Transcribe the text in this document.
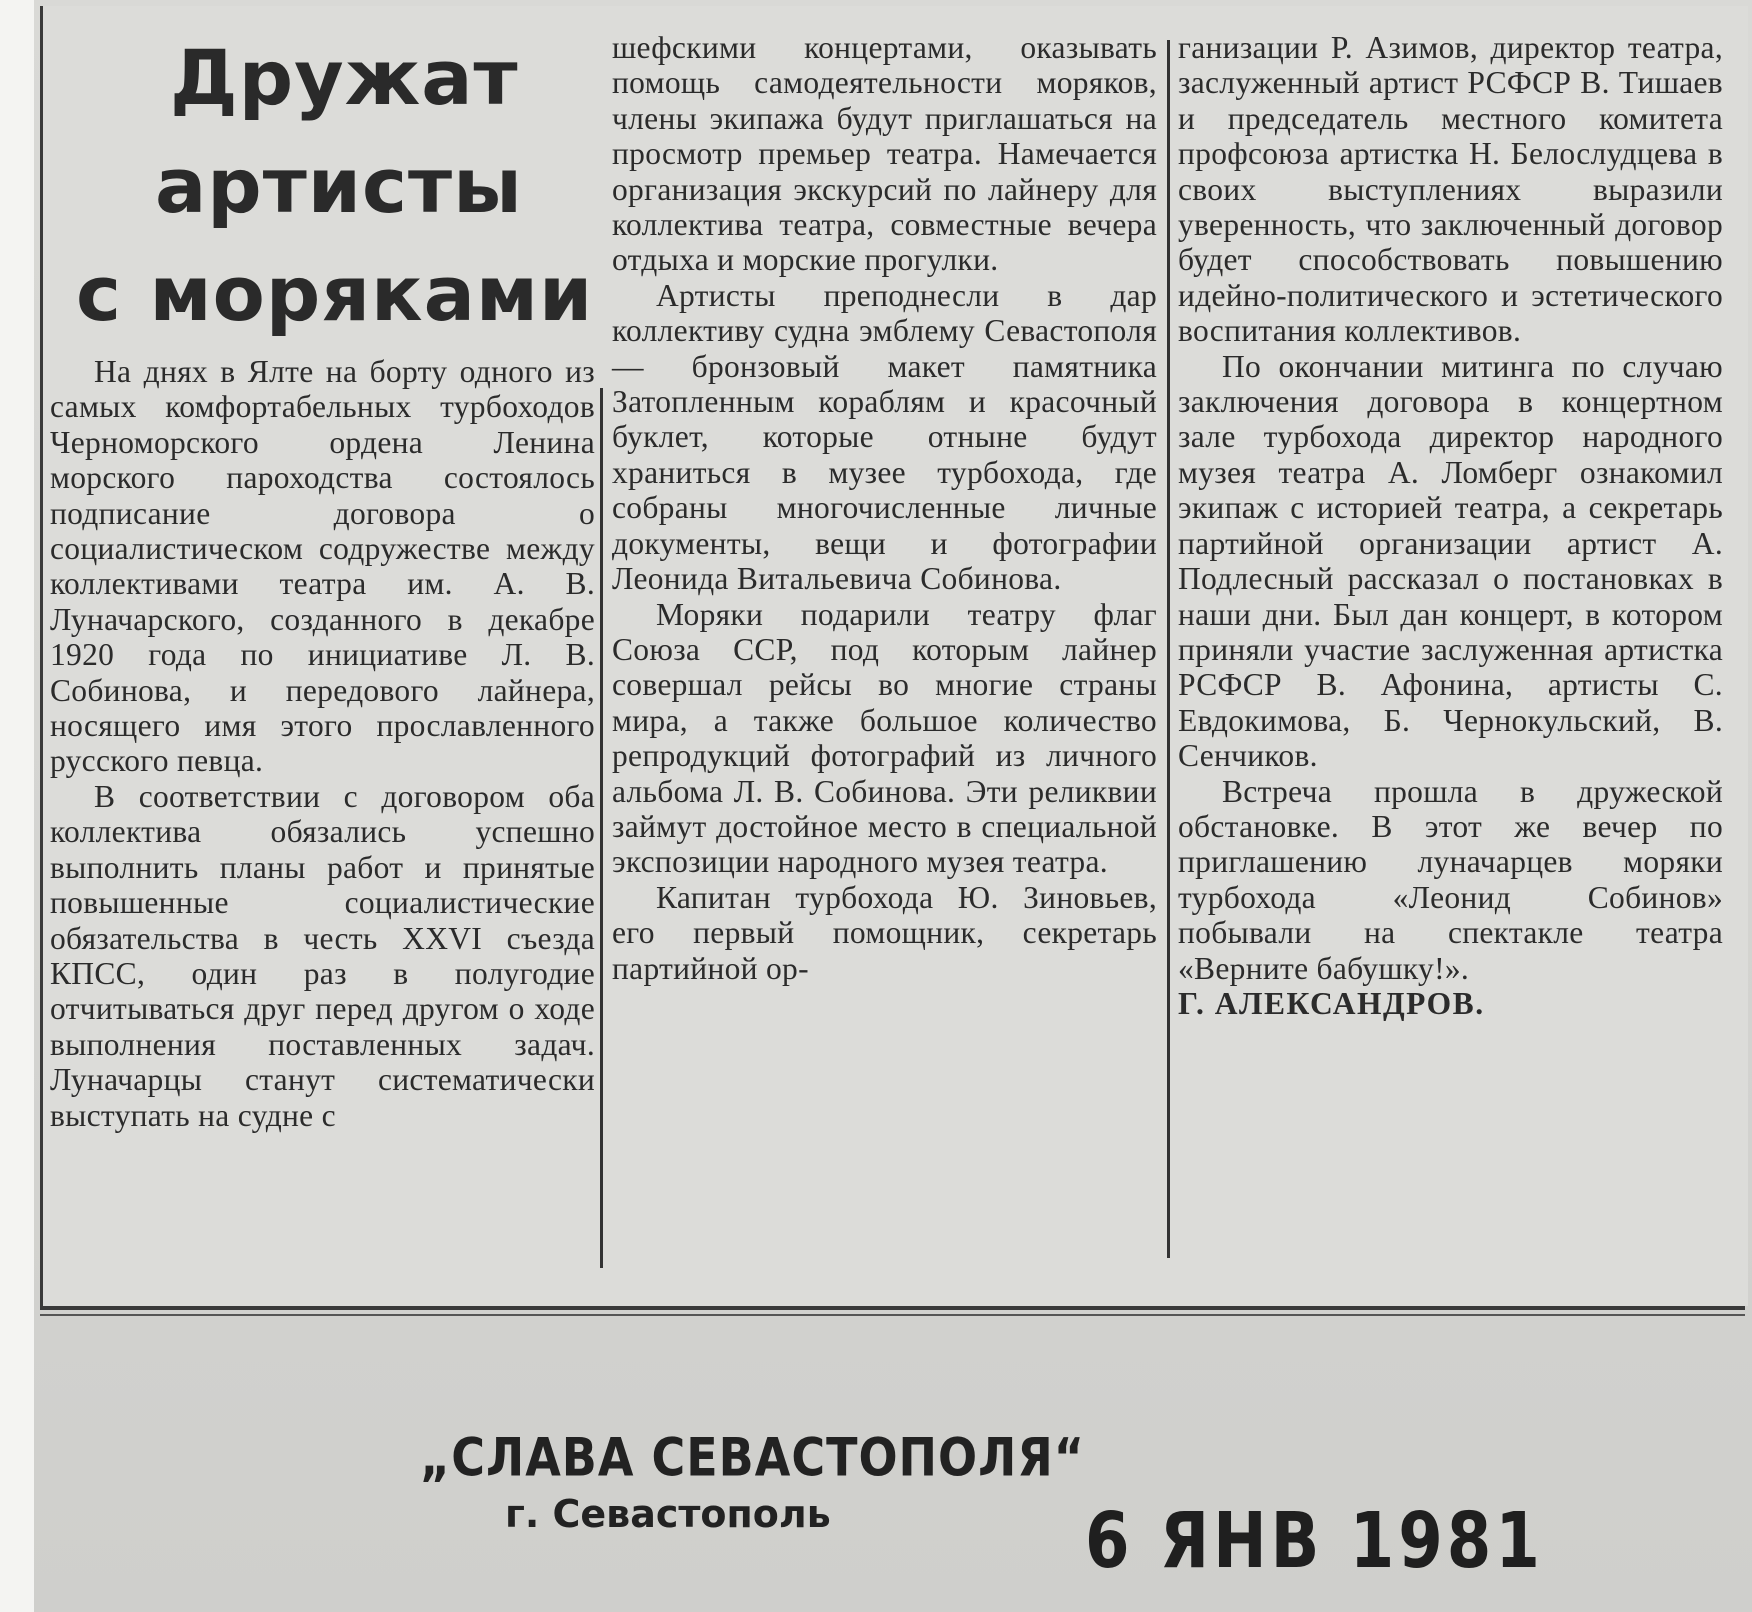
Дружат
артисты
с моряками

На днях в Ялте на борту одного из самых комфортабельных турбоходов Черноморского ордена Ленина морского пароходства состоялось подписание договора о социалистическом содружестве между коллективами театра им. А. В. Луначарского, созданного в декабре 1920 года по инициативе Л. В. Собинова, и передового лайнера, носящего имя этого прославленного русского певца.

В соответствии с договором оба коллектива обязались успешно выполнить планы работ и принятые повышенные социалистические обязательства в честь XXVI съезда КПСС, один раз в полугодие отчитываться друг перед другом о ходе выполнения поставленных задач. Луначарцы станут систематически выступать на судне с

шефскими концертами, оказывать помощь самодеятельности моряков, члены экипажа будут приглашаться на просмотр премьер театра. Намечается организация экскурсий по лайнеру для коллектива театра, совместные вечера отдыха и морские прогулки.

Артисты преподнесли в дар коллективу судна эмблему Севастополя — бронзовый макет памятника Затопленным кораблям и красочный буклет, которые отныне будут храниться в музее турбохода, где собраны многочисленные личные документы, вещи и фотографии Леонида Витальевича Собинова.

Моряки подарили театру флаг Союза ССР, под которым лайнер совершал рейсы во многие страны мира, а также большое количество репродукций фотографий из личного альбома Л. В. Собинова. Эти реликвии займут достойное место в специальной экспозиции народного музея театра.

Капитан турбохода Ю. Зиновьев, его первый помощник, секретарь партийной ор-

ганизации Р. Азимов, директор театра, заслуженный артист РСФСР В. Тишаев и председатель местного комитета профсоюза артистка Н. Белослудцева в своих выступлениях выразили уверенность, что заключенный договор будет способствовать повышению идейно-политического и эстетического воспитания коллективов.

По окончании митинга по случаю заключения договора в концертном зале турбохода директор народного музея театра А. Ломберг ознакомил экипаж с историей театра, а секретарь партийной организации артист А. Подлесный рассказал о постановках в наши дни. Был дан концерт, в котором приняли участие заслуженная артистка РСФСР В. Афонина, артисты С. Евдокимова, Б. Чернокульский, В. Сенчиков.

Встреча прошла в дружеской обстановке. В этот же вечер по приглашению луначарцев моряки турбохода «Леонид Собинов» побывали на спектакле театра «Верните бабушку!».

Г. АЛЕКСАНДРОВ.

„СЛАВА СЕВАСТОПОЛЯ“
г. Севастополь	6 ЯНВ 1981
